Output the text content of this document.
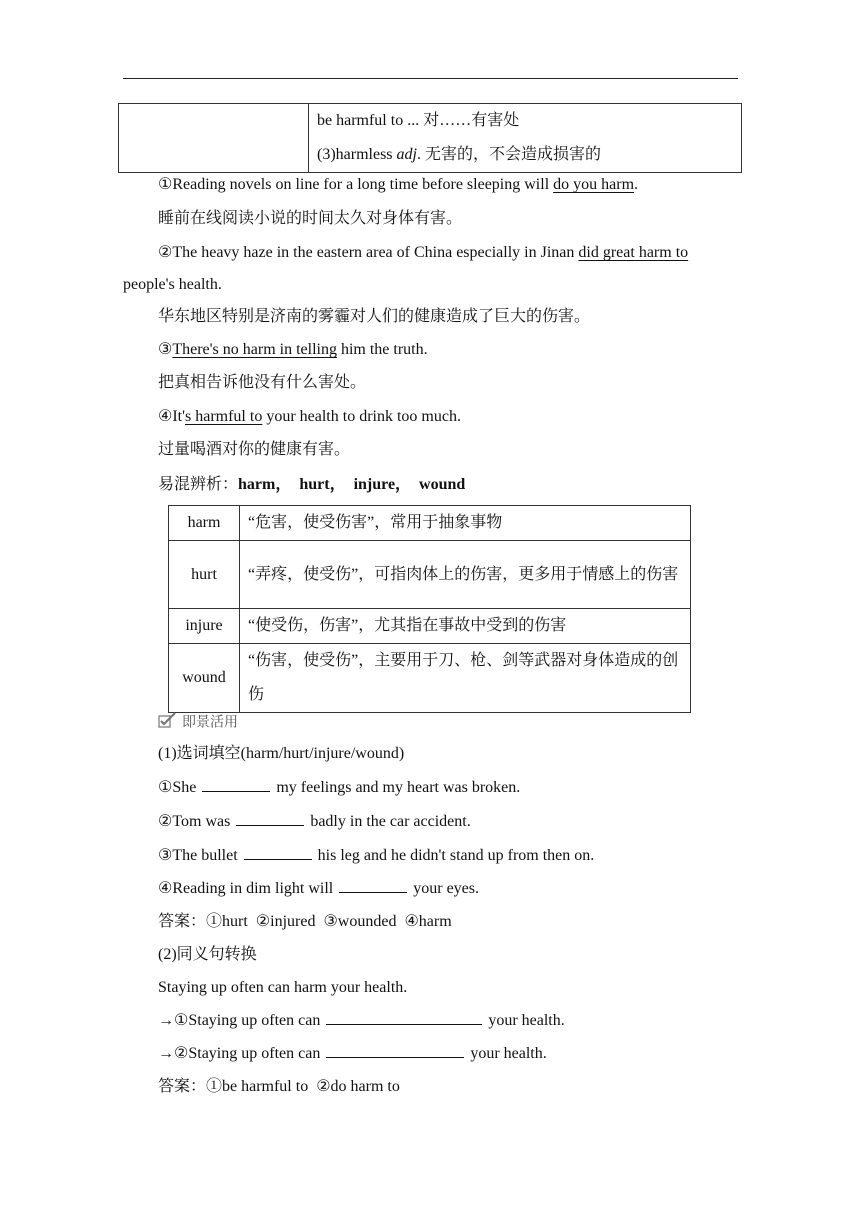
be harmful to ... 对……有害处
(3)harmless adj. 无害的，不会造成损害的
①Reading novels on line for a long time before sleeping will do you harm.
睡前在线阅读小说的时间太久对身体有害。
②The heavy haze in the eastern area of China especially in Jinan did great harm to
people's health.
华东地区特别是济南的雾霾对人们的健康造成了巨大的伤害。
③There's no harm in telling him the truth.
把真相告诉他没有什么害处。
④It's harmful to your health to drink too much.
过量喝酒对你的健康有害。
易混辨析：harm，  hurt，  injure，  wound
harm	“危害，使受伤害”，常用于抽象事物
hurt	“弄疼，使受伤”，可指肉体上的伤害，更多用于情感上的伤害
injure	“使受伤，伤害”，尤其指在事故中受到的伤害
wound	“伤害，使受伤”，主要用于刀、枪、剑等武器对身体造成的创伤
即景活用
(1)选词填空(harm/hurt/injure/wound)
①She	my feelings and my heart was broken.
②Tom was	badly in the car accident.
③The bullet	his leg and he didn't stand up from then on.
④Reading in dim light will	your eyes.
答案：①hurt  ②injured  ③wounded  ④harm
(2)同义句转换
Staying up often can harm your health.
→①Staying up often can	your health.
→②Staying up often can	your health.
答案：①be harmful to  ②do harm to
